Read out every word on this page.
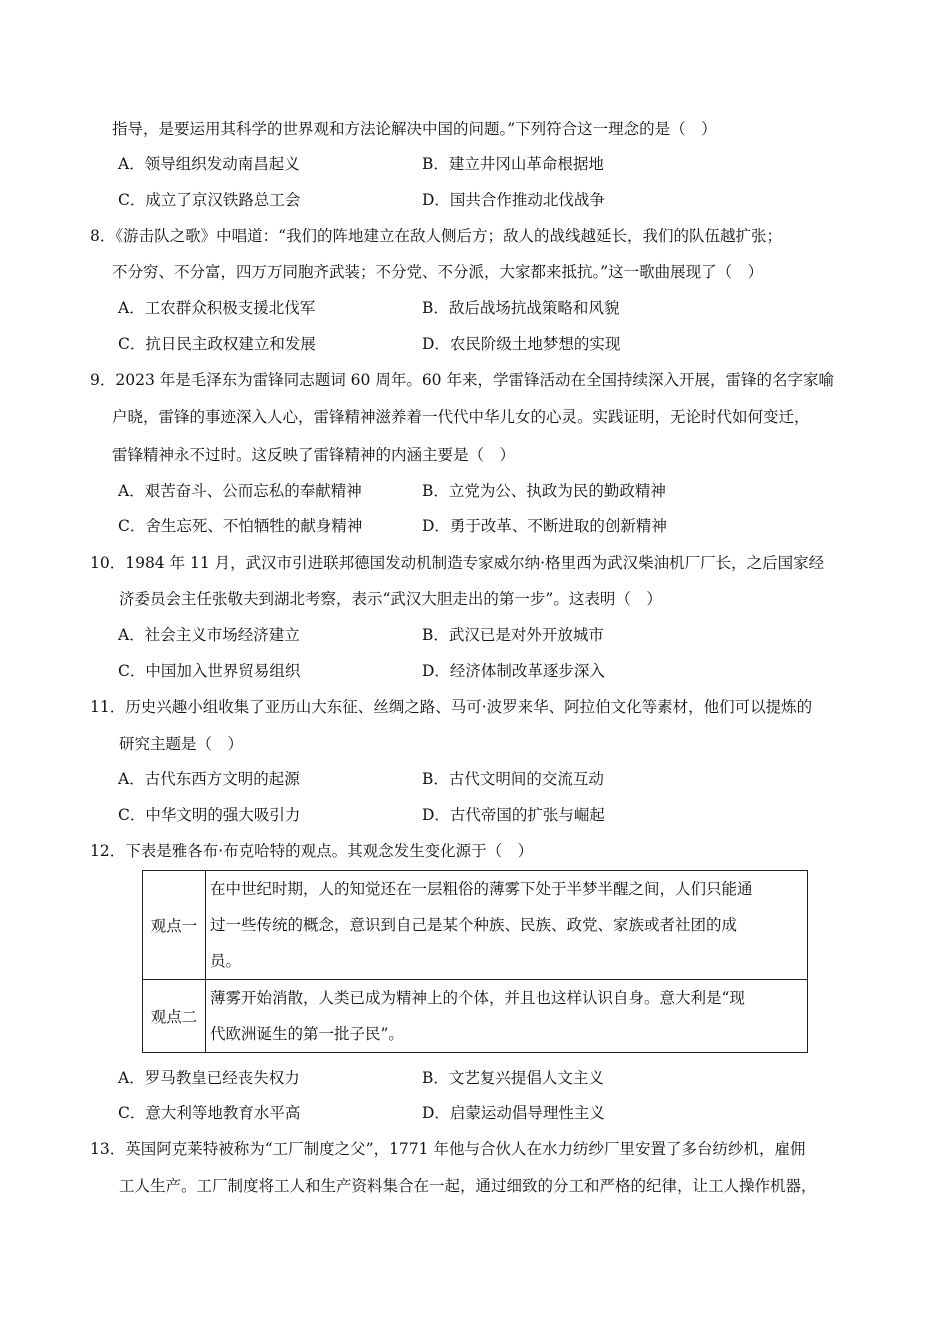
指导，是要运用其科学的世界观和方法论解决中国的问题。”下列符合这一理念的是（　）
A．领导组织发动南昌起义	B．建立井冈山革命根据地
C．成立了京汉铁路总工会	D．国共合作推动北伐战争
8．《游击队之歌》中唱道：“我们的阵地建立在敌人侧后方；敌人的战线越延长，我们的队伍越扩张；
不分穷、不分富，四万万同胞齐武装；不分党、不分派，大家都来抵抗。”这一歌曲展现了（　）
A．工农群众积极支援北伐军	B．敌后战场抗战策略和风貌
C．抗日民主政权建立和发展	D．农民阶级土地梦想的实现
9．2023 年是毛泽东为雷锋同志题词 60 周年。60 年来，学雷锋活动在全国持续深入开展，雷锋的名字家喻
户晓，雷锋的事迹深入人心，雷锋精神滋养着一代代中华儿女的心灵。实践证明，无论时代如何变迁，
雷锋精神永不过时。这反映了雷锋精神的内涵主要是（　）
A．艰苦奋斗、公而忘私的奉献精神	B．立党为公、执政为民的勤政精神
C．舍生忘死、不怕牺牲的献身精神	D．勇于改革、不断进取的创新精神
10．1984 年 11 月，武汉市引进联邦德国发动机制造专家威尔纳·格里西为武汉柴油机厂厂长，之后国家经
济委员会主任张敬夫到湖北考察，表示“武汉大胆走出的第一步”。这表明（　）
A．社会主义市场经济建立	B．武汉已是对外开放城市
C．中国加入世界贸易组织	D．经济体制改革逐步深入
11．历史兴趣小组收集了亚历山大东征、丝绸之路、马可·波罗来华、阿拉伯文化等素材，他们可以提炼的
研究主题是（　）
A．古代东西方文明的起源	B．古代文明间的交流互动
C．中华文明的强大吸引力	D．古代帝国的扩张与崛起
12．下表是雅各布·布克哈特的观点。其观念发生变化源于（　）
观点一	在中世纪时期，人的知觉还在一层粗俗的薄雾下处于半梦半醒之间，人们只能通
过一些传统的概念，意识到自己是某个种族、民族、政党、家族或者社团的成
员。

观点二	薄雾开始消散，人类已成为精神上的个体，并且也这样认识自身。意大利是“现
代欧洲诞生的第一批子民”。
A．罗马教皇已经丧失权力	B．文艺复兴提倡人文主义
C．意大利等地教育水平高	D．启蒙运动倡导理性主义
13．英国阿克莱特被称为“工厂制度之父”，1771 年他与合伙人在水力纺纱厂里安置了多台纺纱机，雇佣
工人生产。工厂制度将工人和生产资料集合在一起，通过细致的分工和严格的纪律，让工人操作机器，
